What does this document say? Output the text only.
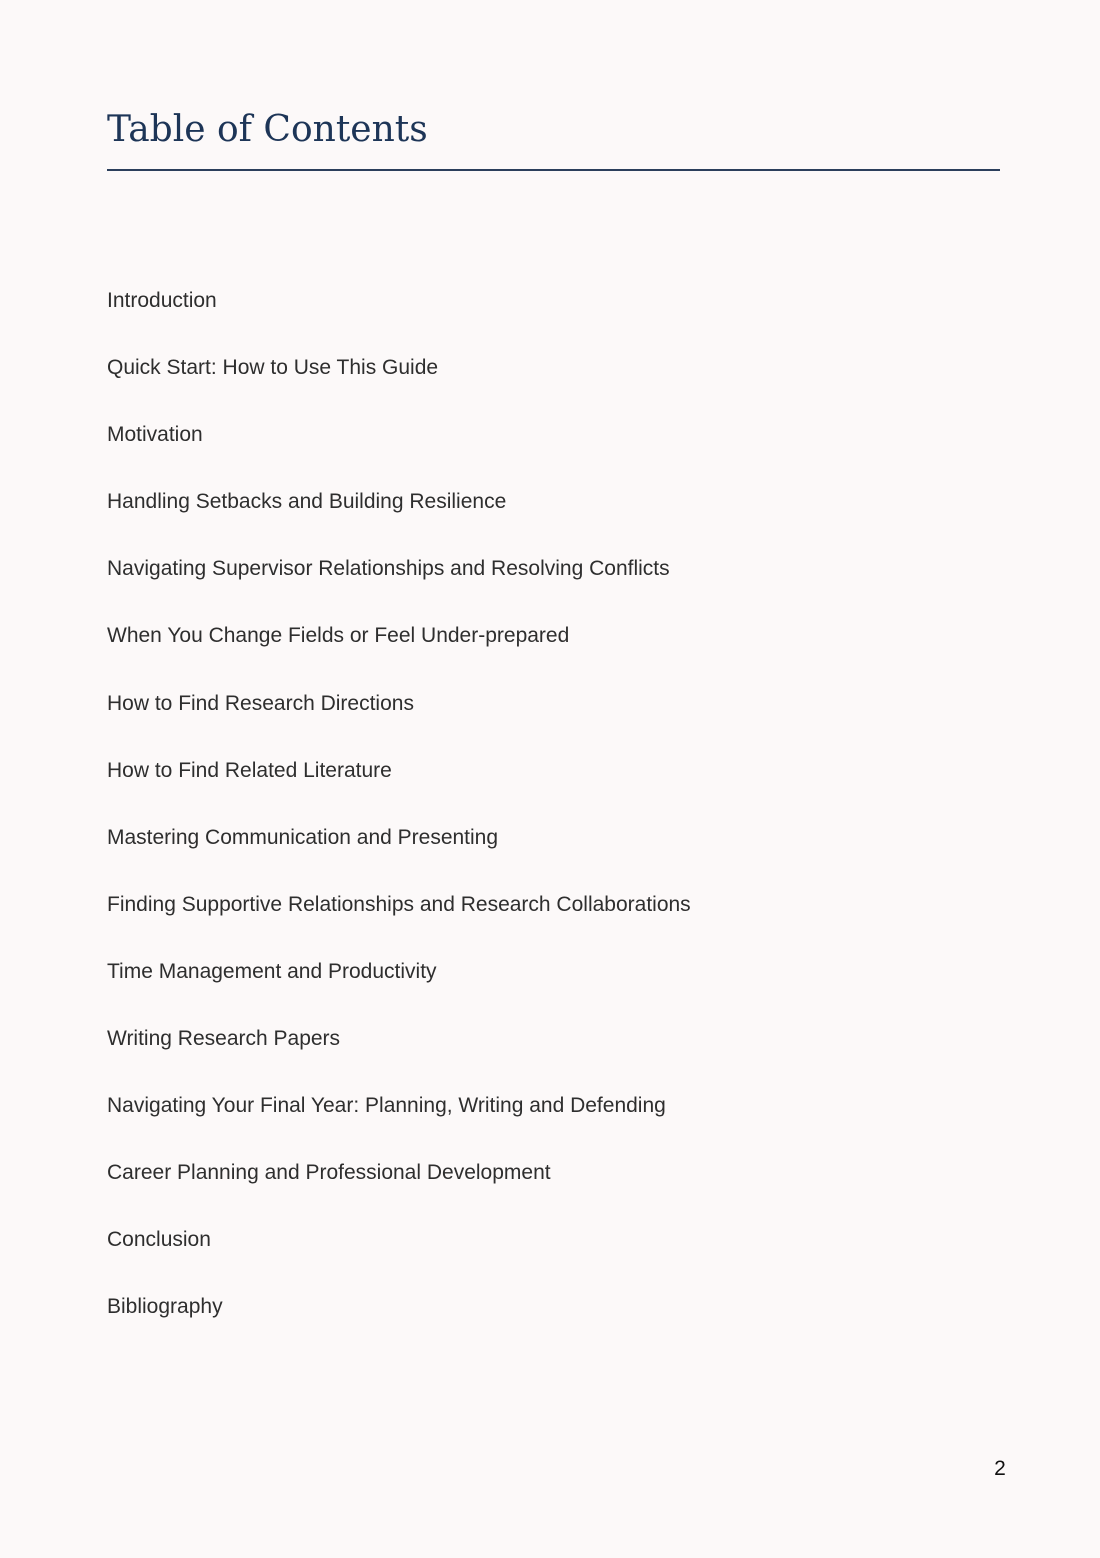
Table of Contents
Introduction
Quick Start: How to Use This Guide
Motivation
Handling Setbacks and Building Resilience
Navigating Supervisor Relationships and Resolving Conflicts
When You Change Fields or Feel Under-prepared
How to Find Research Directions
How to Find Related Literature
Mastering Communication and Presenting
Finding Supportive Relationships and Research Collaborations
Time Management and Productivity
Writing Research Papers
Navigating Your Final Year: Planning, Writing and Defending
Career Planning and Professional Development
Conclusion
Bibliography
2
